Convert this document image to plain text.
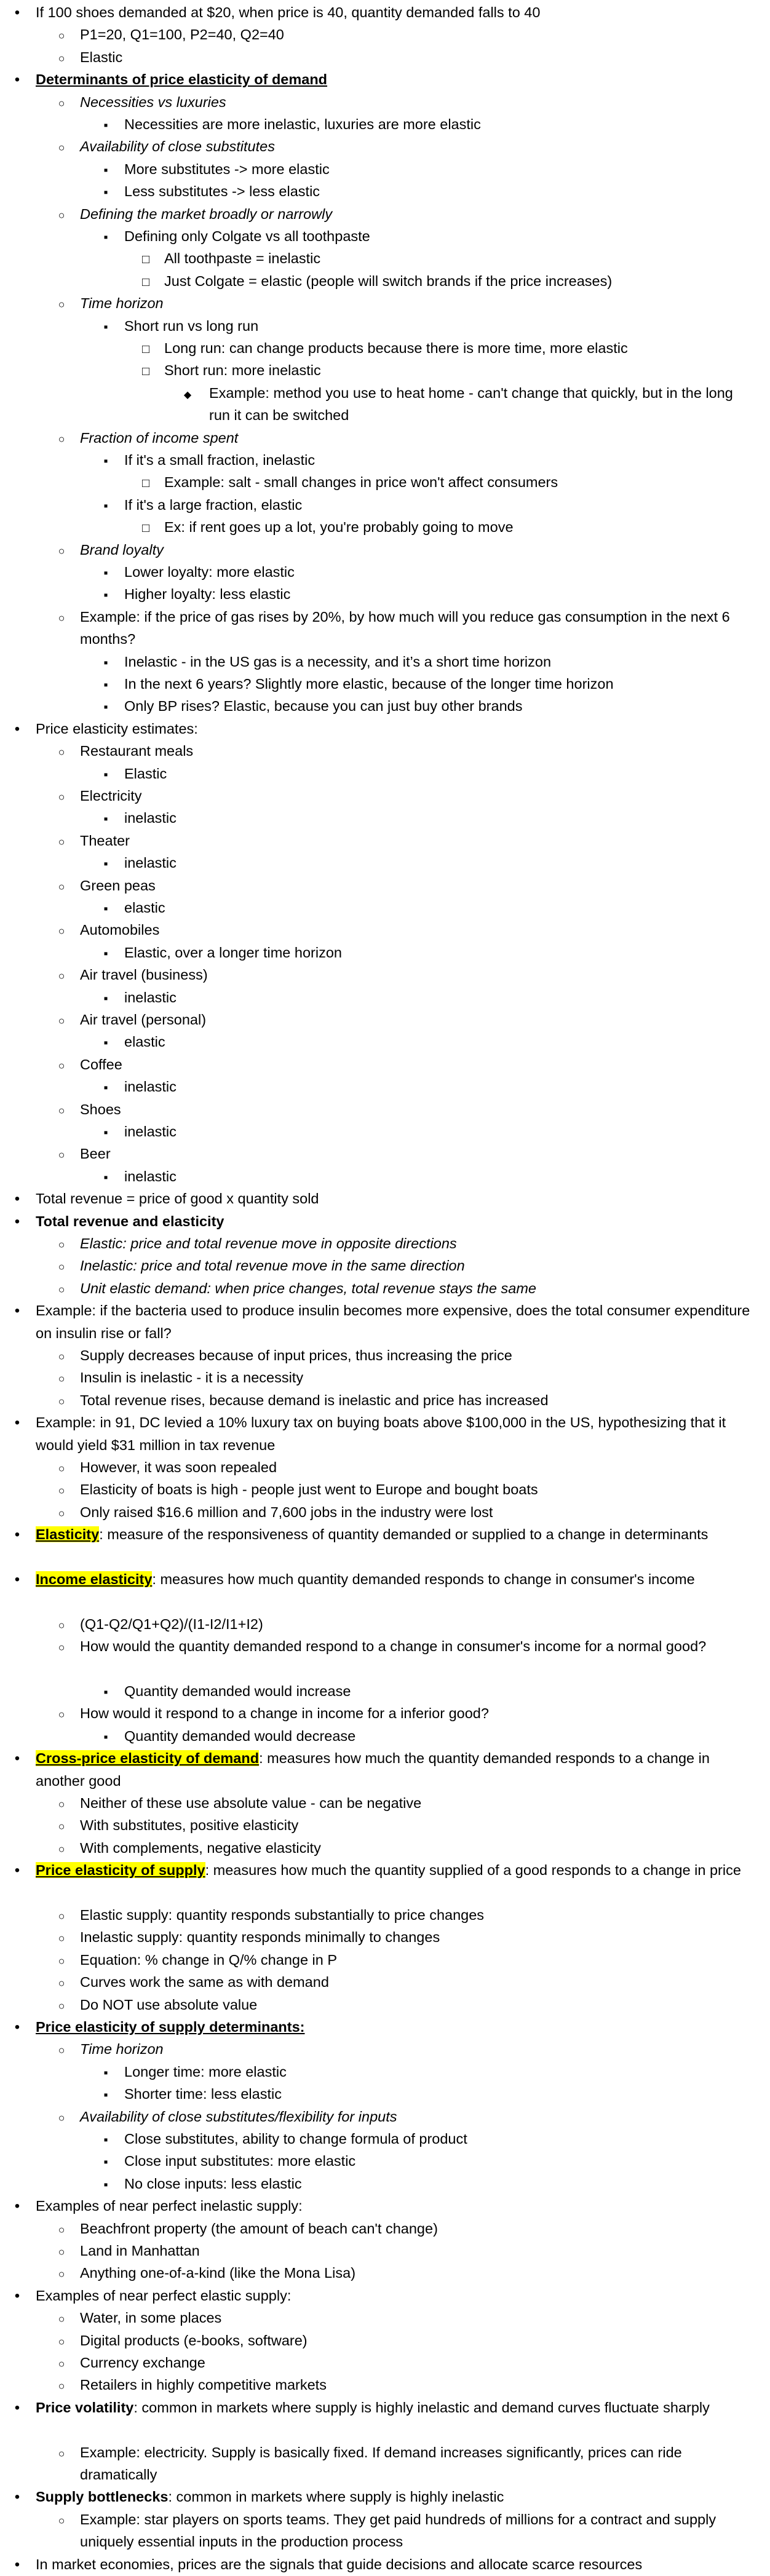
•
If 100 shoes demanded at $20, when price is 40, quantity demanded falls to 40
○
P1=20, Q1=100, P2=40, Q2=40
○
Elastic
•
Determinants of price elasticity of demand
○
Necessities vs luxuries
▪
Necessities are more inelastic, luxuries are more elastic
○
Availability of close substitutes
▪
More substitutes -> more elastic
▪
Less substitutes -> less elastic
○
Defining the market broadly or narrowly
▪
Defining only Colgate vs all toothpaste
□
All toothpaste = inelastic
□
Just Colgate = elastic (people will switch brands if the price increases)
○
Time horizon
▪
Short run vs long run
□
Long run: can change products because there is more time, more elastic
□
Short run: more inelastic
◆
Example: method you use to heat home - can't change that quickly, but in the long run it can be switched
○
Fraction of income spent
▪
If it's a small fraction, inelastic
□
Example: salt - small changes in price won't affect consumers
▪
If it's a large fraction, elastic
□
Ex: if rent goes up a lot, you're probably going to move
○
Brand loyalty
▪
Lower loyalty: more elastic
▪
Higher loyalty: less elastic
○
Example: if the price of gas rises by 20%, by how much will you reduce gas consumption in the next 6 months?
▪
Inelastic - in the US gas is a necessity, and it’s a short time horizon
▪
In the next 6 years? Slightly more elastic, because of the longer time horizon
▪
Only BP rises? Elastic, because you can just buy other brands
•
Price elasticity estimates:
○
Restaurant meals
▪
Elastic
○
Electricity
▪
inelastic
○
Theater
▪
inelastic
○
Green peas
▪
elastic
○
Automobiles
▪
Elastic, over a longer time horizon
○
Air travel (business)
▪
inelastic
○
Air travel (personal)
▪
elastic
○
Coffee
▪
inelastic
○
Shoes
▪
inelastic
○
Beer
▪
inelastic
•
Total revenue = price of good x quantity sold
•
Total revenue and elasticity
○
Elastic: price and total revenue move in opposite directions
○
Inelastic: price and total revenue move in the same direction
○
Unit elastic demand: when price changes, total revenue stays the same
•
Example: if the bacteria used to produce insulin becomes more expensive, does the total consumer expenditure on insulin rise or fall?
○
Supply decreases because of input prices, thus increasing the price
○
Insulin is inelastic - it is a necessity
○
Total revenue rises, because demand is inelastic and price has increased
•
Example: in 91, DC levied a 10% luxury tax on buying boats above $100,000 in the US, hypothesizing that it would yield $31 million in tax revenue
○
However, it was soon repealed
○
Elasticity of boats is high - people just went to Europe and bought boats
○
Only raised $16.6 million and 7,600 jobs in the industry were lost
•
Elasticity: measure of the responsiveness of quantity demanded or supplied to a change in determinants
•
Income elasticity: measures how much quantity demanded responds to change in consumer's income
○
(Q1-Q2/Q1+Q2)/(I1-I2/I1+I2)
○
How would the quantity demanded respond to a change in consumer's income for a normal good?
▪
Quantity demanded would increase
○
How would it respond to a change in income for a inferior good?
▪
Quantity demanded would decrease
•
Cross-price elasticity of demand: measures how much the quantity demanded responds to a change in another good
○
Neither of these use absolute value - can be negative
○
With substitutes, positive elasticity
○
With complements, negative elasticity
•
Price elasticity of supply: measures how much the quantity supplied of a good responds to a change in price
○
Elastic supply: quantity responds substantially to price changes
○
Inelastic supply: quantity responds minimally to changes
○
Equation: % change in Q/% change in P
○
Curves work the same as with demand
○
Do NOT use absolute value
•
Price elasticity of supply determinants:
○
Time horizon
▪
Longer time: more elastic
▪
Shorter time: less elastic
○
Availability of close substitutes/flexibility for inputs
▪
Close substitutes, ability to change formula of product
▪
Close input substitutes: more elastic
▪
No close inputs: less elastic
•
Examples of near perfect inelastic supply:
○
Beachfront property (the amount of beach can't change)
○
Land in Manhattan
○
Anything one-of-a-kind (like the Mona Lisa)
•
Examples of near perfect elastic supply:
○
Water, in some places
○
Digital products (e-books, software)
○
Currency exchange
○
Retailers in highly competitive markets
•
Price volatility: common in markets where supply is highly inelastic and demand curves fluctuate sharply
○
Example: electricity. Supply is basically fixed. If demand increases significantly, prices can ride dramatically
•
Supply bottlenecks: common in markets where supply is highly inelastic
○
Example: star players on sports teams. They get paid hundreds of millions for a contract and supply uniquely essential inputs in the production process
•
In market economies, prices are the signals that guide decisions and allocate scarce resources
